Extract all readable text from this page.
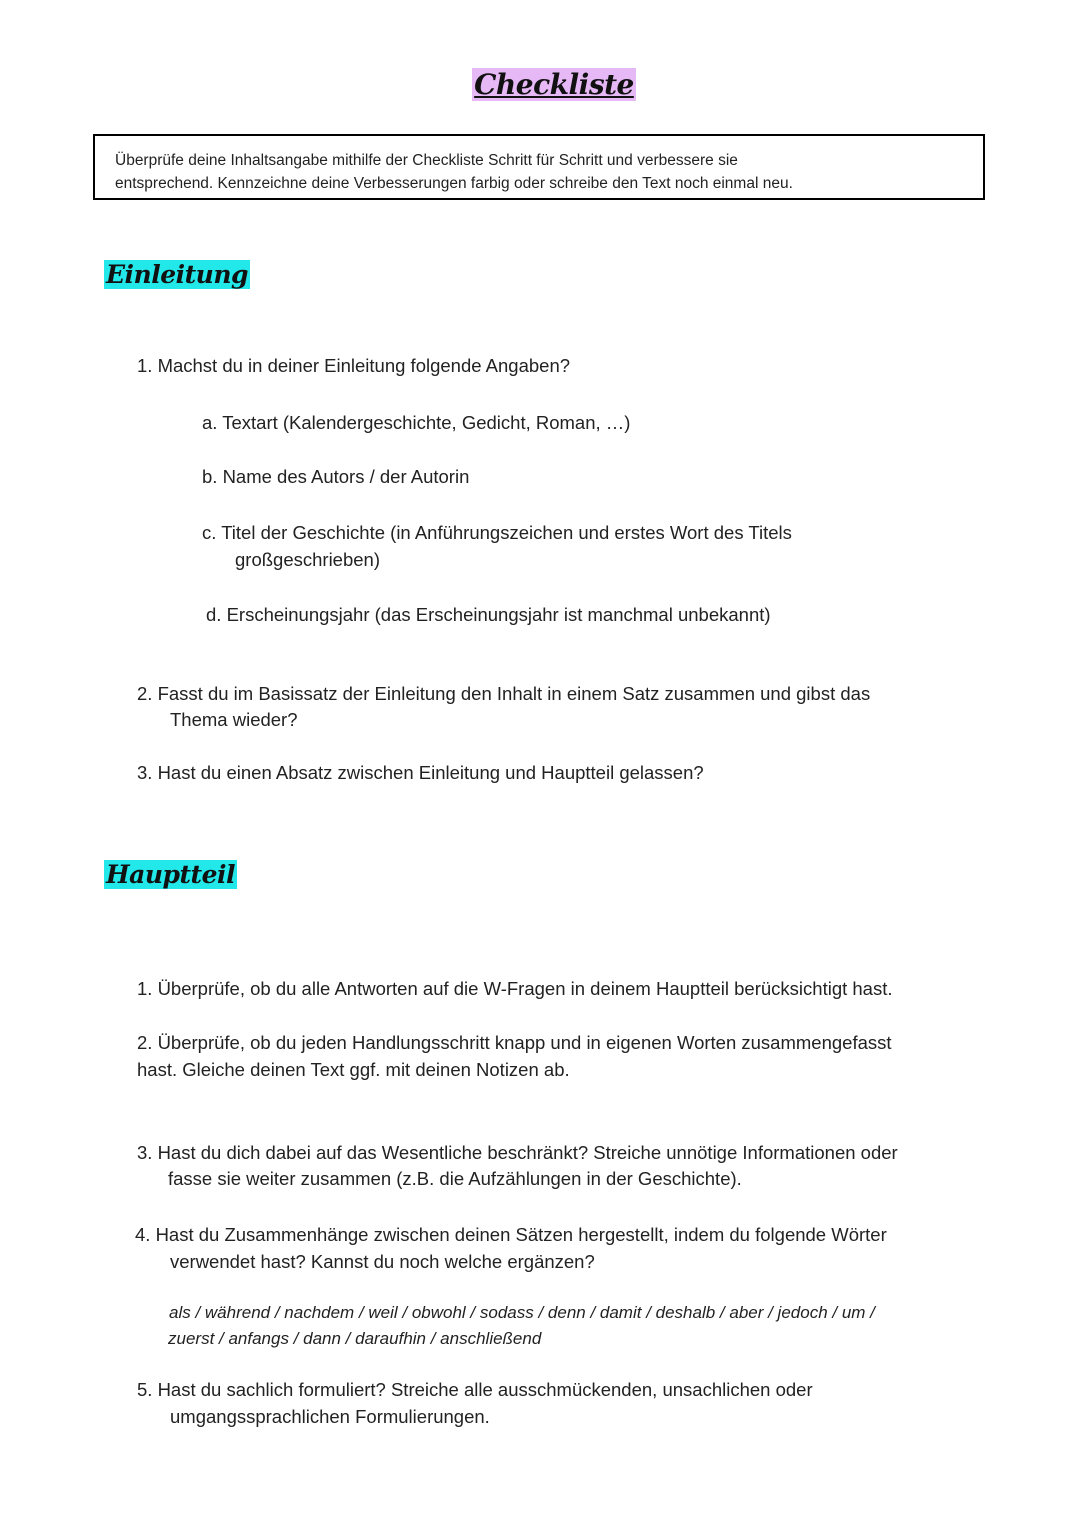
Checkliste

Überprüfe deine Inhaltsangabe mithilfe der Checkliste Schritt für Schritt und verbessere sie

entsprechend. Kennzeichne deine Verbesserungen farbig oder schreibe den Text noch einmal neu.

Einleitung

1. Machst du in deiner Einleitung folgende Angaben?

a. Textart (Kalendergeschichte, Gedicht, Roman, …)

b. Name des Autors / der Autorin

c. Titel der Geschichte (in Anführungszeichen und erstes Wort des Titels

großgeschrieben)

d. Erscheinungsjahr (das Erscheinungsjahr ist manchmal unbekannt)

2. Fasst du im Basissatz der Einleitung den Inhalt in einem Satz zusammen und gibst das

Thema wieder?

3. Hast du einen Absatz zwischen Einleitung und Hauptteil gelassen?

Hauptteil

1. Überprüfe, ob du alle Antworten auf die W-Fragen in deinem Hauptteil berücksichtigt hast.

2. Überprüfe, ob du jeden Handlungsschritt knapp und in eigenen Worten zusammengefasst

hast. Gleiche deinen Text ggf. mit deinen Notizen ab.

3. Hast du dich dabei auf das Wesentliche beschränkt? Streiche unnötige Informationen oder

fasse sie weiter zusammen (z.B. die Aufzählungen in der Geschichte).

4. Hast du Zusammenhänge zwischen deinen Sätzen hergestellt, indem du folgende Wörter

verwendet hast? Kannst du noch welche ergänzen?

als / während / nachdem / weil / obwohl / sodass / denn / damit / deshalb / aber / jedoch / um /

zuerst / anfangs / dann / daraufhin / anschließend

5. Hast du sachlich formuliert? Streiche alle ausschmückenden, unsachlichen oder

umgangssprachlichen Formulierungen.
